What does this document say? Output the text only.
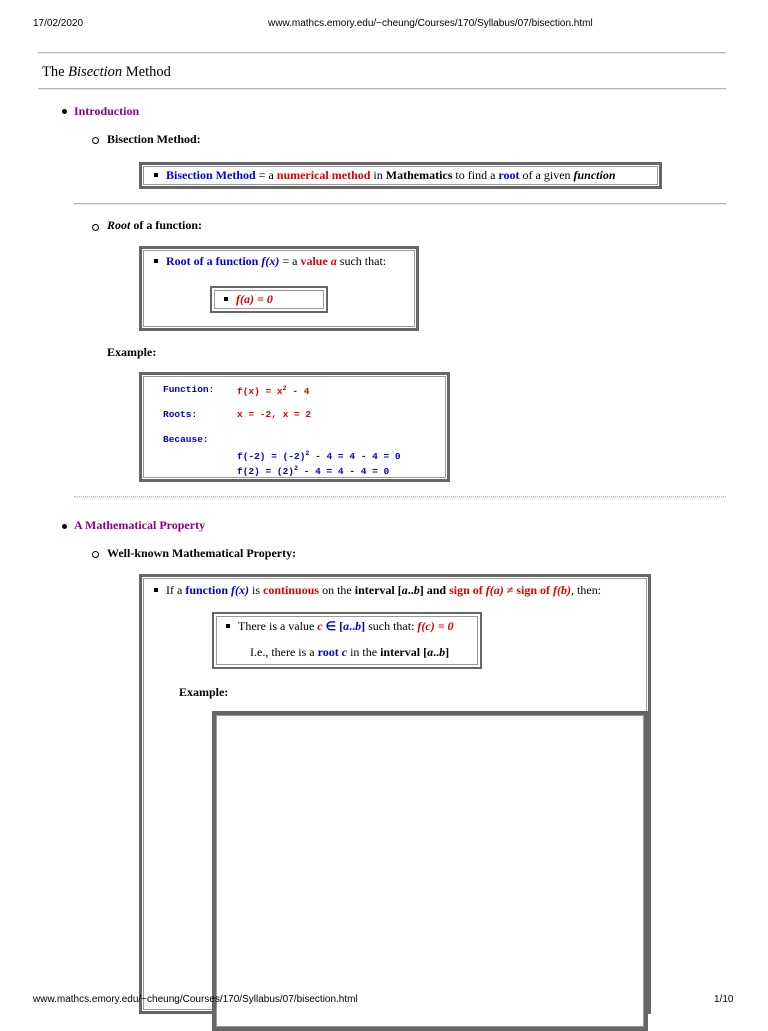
17/02/2020	www.mathcs.emory.edu/~cheung/Courses/170/Syllabus/07/bisection.html
The Bisection Method
Introduction
Bisection Method:
Bisection Method = a numerical method in Mathematics to find a root of a given function
Root of a function:
Root of a function f(x) = a value a such that:
f(a) = 0
Example:
Function: $f(x) = x^2 - 4$
Roots:	x = -2, x = 2
Because:
$f(-2) = (-2)^2 - 4 = 4 - 4 = 0$
$f(2) = (2)^2 - 4 = 4 - 4 = 0$
A Mathematical Property
Well-known Mathematical Property:
If a function f(x) is continuous on the interval [a..b] and sign of f(a) ≠ sign of f(b), then:
There is a value c ∈ [a..b] such that: f(c) = 0
I.e., there is a root c in the interval [a..b]
Example:
www.mathcs.emory.edu/~cheung/Courses/170/Syllabus/07/bisection.html	1/10
